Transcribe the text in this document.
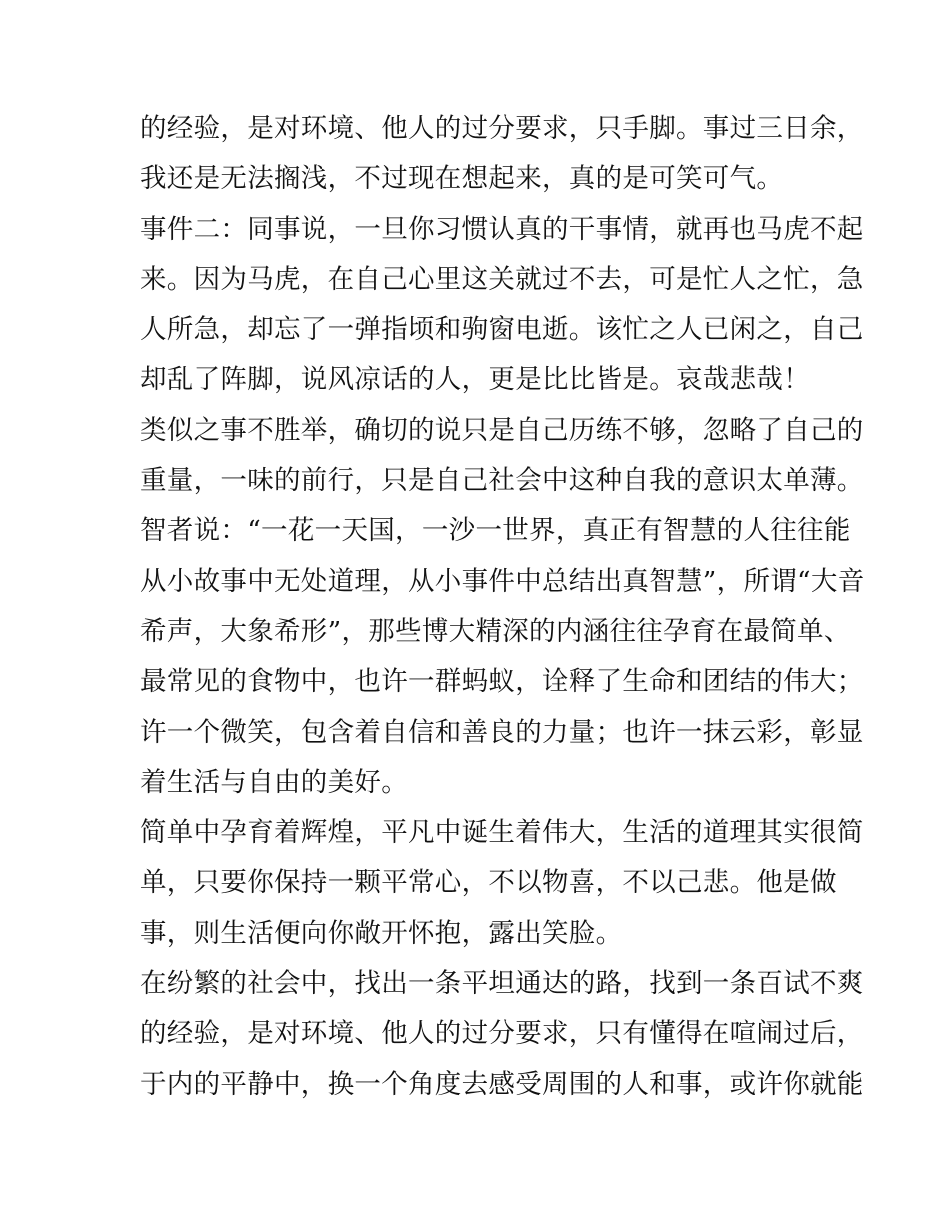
的经验，是对环境、他人的过分要求，只手脚。事过三日余，
我还是无法搁浅，不过现在想起来，真的是可笑可气。
事件二：同事说，一旦你习惯认真的干事情，就再也马虎不起
来。因为马虎，在自己心里这关就过不去，可是忙人之忙，急
人所急，却忘了一弹指顷和驹窗电逝。该忙之人已闲之，自己
却乱了阵脚，说风凉话的人，更是比比皆是。哀哉悲哉！
类似之事不胜举，确切的说只是自己历练不够，忽略了自己的
重量，一味的前行，只是自己社会中这种自我的意识太单薄。
智者说：“一花一天国，一沙一世界，真正有智慧的人往往能
从小故事中无处道理，从小事件中总结出真智慧”，所谓“大音
希声，大象希形”，那些博大精深的内涵往往孕育在最简单、
最常见的食物中，也许一群蚂蚁，诠释了生命和团结的伟大；
许一个微笑，包含着自信和善良的力量；也许一抹云彩，彰显
着生活与自由的美好。
简单中孕育着辉煌，平凡中诞生着伟大，生活的道理其实很简
单，只要你保持一颗平常心，不以物喜，不以己悲。他是做
事，则生活便向你敞开怀抱，露出笑脸。
在纷繁的社会中，找出一条平坦通达的路，找到一条百试不爽
的经验，是对环境、他人的过分要求，只有懂得在喧闹过后，
于内的平静中，换一个角度去感受周围的人和事，或许你就能
